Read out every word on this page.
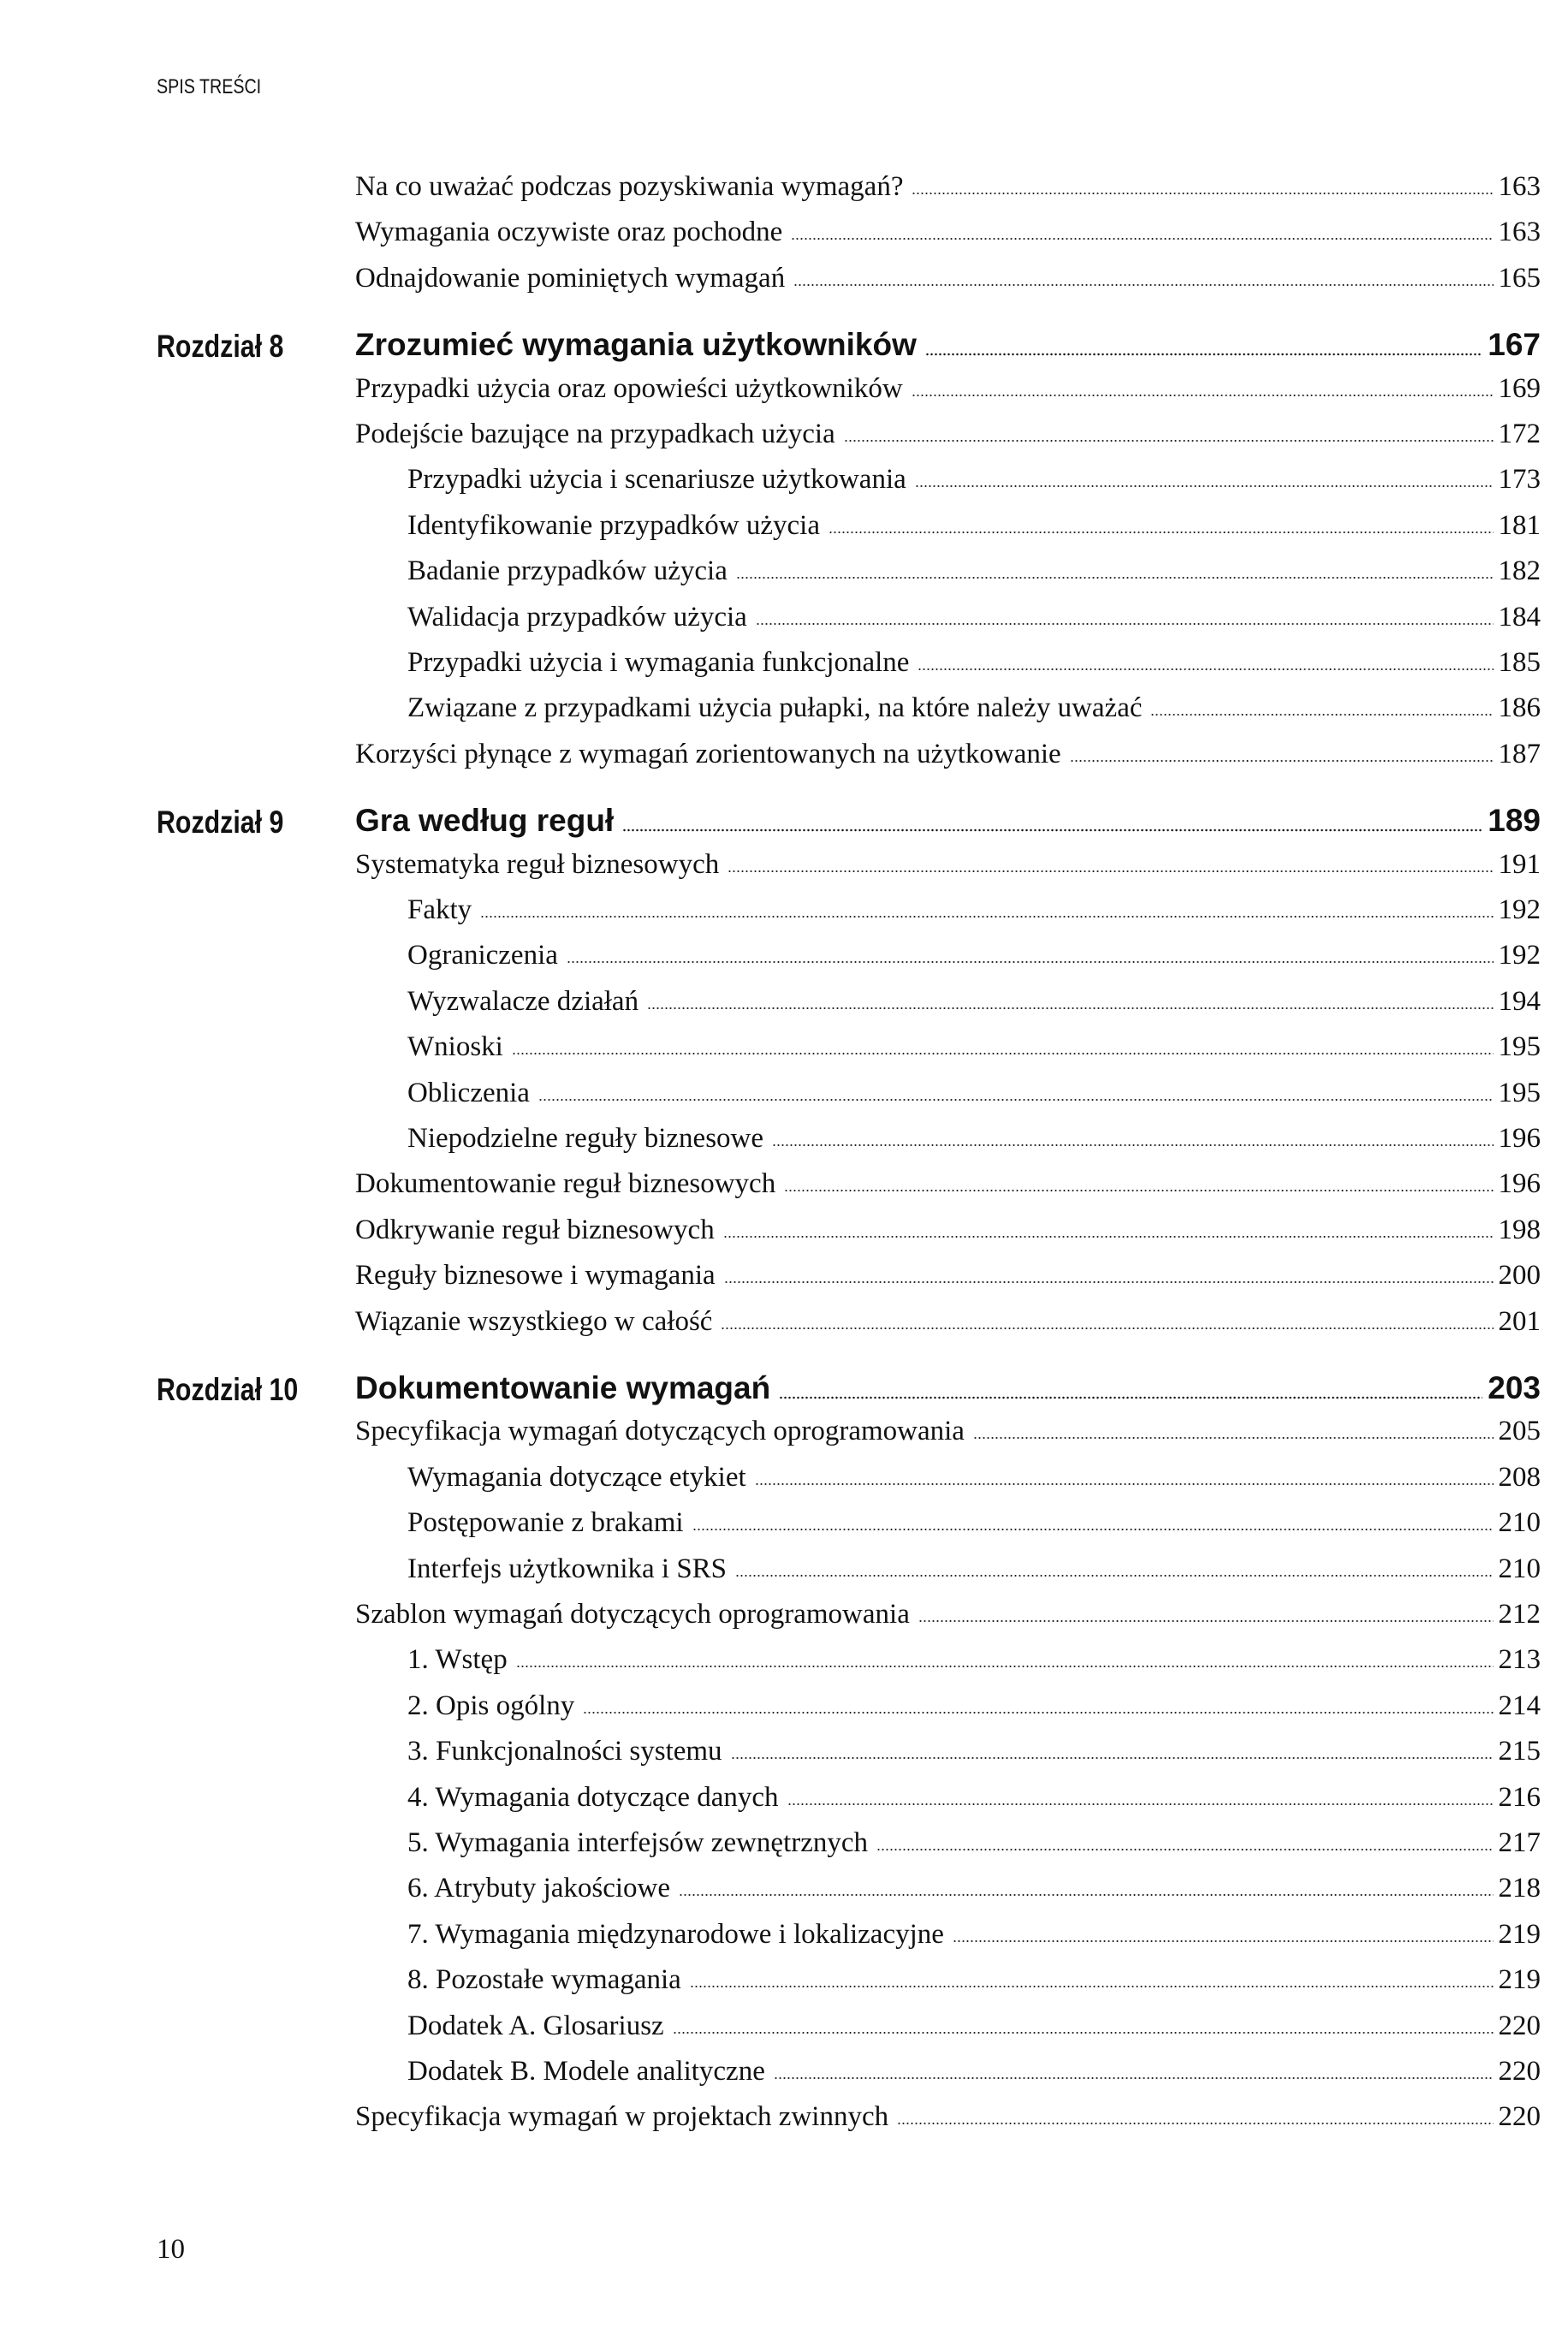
SPIS TREŚCI
Na co uważać podczas pozyskiwania wymagań?	163
Wymagania oczywiste oraz pochodne	163
Odnajdowanie pominiętych wymagań	165
Rozdział 8 Zrozumieć wymagania użytkowników	167
Przypadki użycia oraz opowieści użytkowników	169
Podejście bazujące na przypadkach użycia	172
Przypadki użycia i scenariusze użytkowania	173
Identyfikowanie przypadków użycia	181
Badanie przypadków użycia	182
Walidacja przypadków użycia	184
Przypadki użycia i wymagania funkcjonalne	185
Związane z przypadkami użycia pułapki, na które należy uważać	186
Korzyści płynące z wymagań zorientowanych na użytkowanie	187
Rozdział 9 Gra według reguł	189
Systematyka reguł biznesowych	191
Fakty	192
Ograniczenia	192
Wyzwalacze działań	194
Wnioski	195
Obliczenia	195
Niepodzielne reguły biznesowe	196
Dokumentowanie reguł biznesowych	196
Odkrywanie reguł biznesowych	198
Reguły biznesowe i wymagania	200
Wiązanie wszystkiego w całość	201
Rozdział 10 Dokumentowanie wymagań	203
Specyfikacja wymagań dotyczących oprogramowania	205
Wymagania dotyczące etykiet	208
Postępowanie z brakami	210
Interfejs użytkownika i SRS	210
Szablon wymagań dotyczących oprogramowania	212
1. Wstęp	213
2. Opis ogólny	214
3. Funkcjonalności systemu	215
4. Wymagania dotyczące danych	216
5. Wymagania interfejsów zewnętrznych	217
6. Atrybuty jakościowe	218
7. Wymagania międzynarodowe i lokalizacyjne	219
8. Pozostałe wymagania	219
Dodatek A. Glosariusz	220
Dodatek B. Modele analityczne	220
Specyfikacja wymagań w projektach zwinnych	220
10
